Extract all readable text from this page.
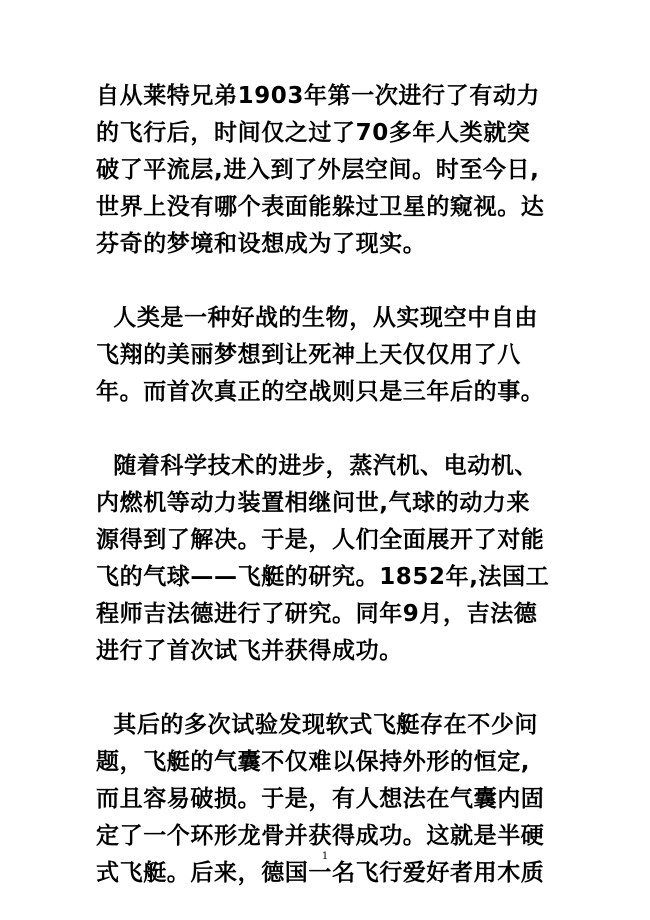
自从莱特兄弟1903年第一次进行了有动力
的飞行后，时间仅之过了70多年人类就突
破了平流层,进入到了外层空间。时至今日,
世界上没有哪个表面能躲过卫星的窥视。达
芬奇的梦境和设想成为了现实。
人类是一种好战的生物，从实现空中自由
飞翔的美丽梦想到让死神上天仅仅用了八
年。而首次真正的空战则只是三年后的事。
随着科学技术的进步，蒸汽机、电动机、
内燃机等动力装置相继问世,气球的动力来
源得到了解决。于是，人们全面展开了对能
飞的气球——飞艇的研究。1852年,法国工
程师吉法德进行了研究。同年9月，吉法德
进行了首次试飞并获得成功。
其后的多次试验发现软式飞艇存在不少问
题，飞艇的气囊不仅难以保持外形的恒定,
而且容易破损。于是，有人想法在气囊内固
定了一个环形龙骨并获得成功。这就是半硬
式飞艇。后来，德国一名飞行爱好者用木质
1
